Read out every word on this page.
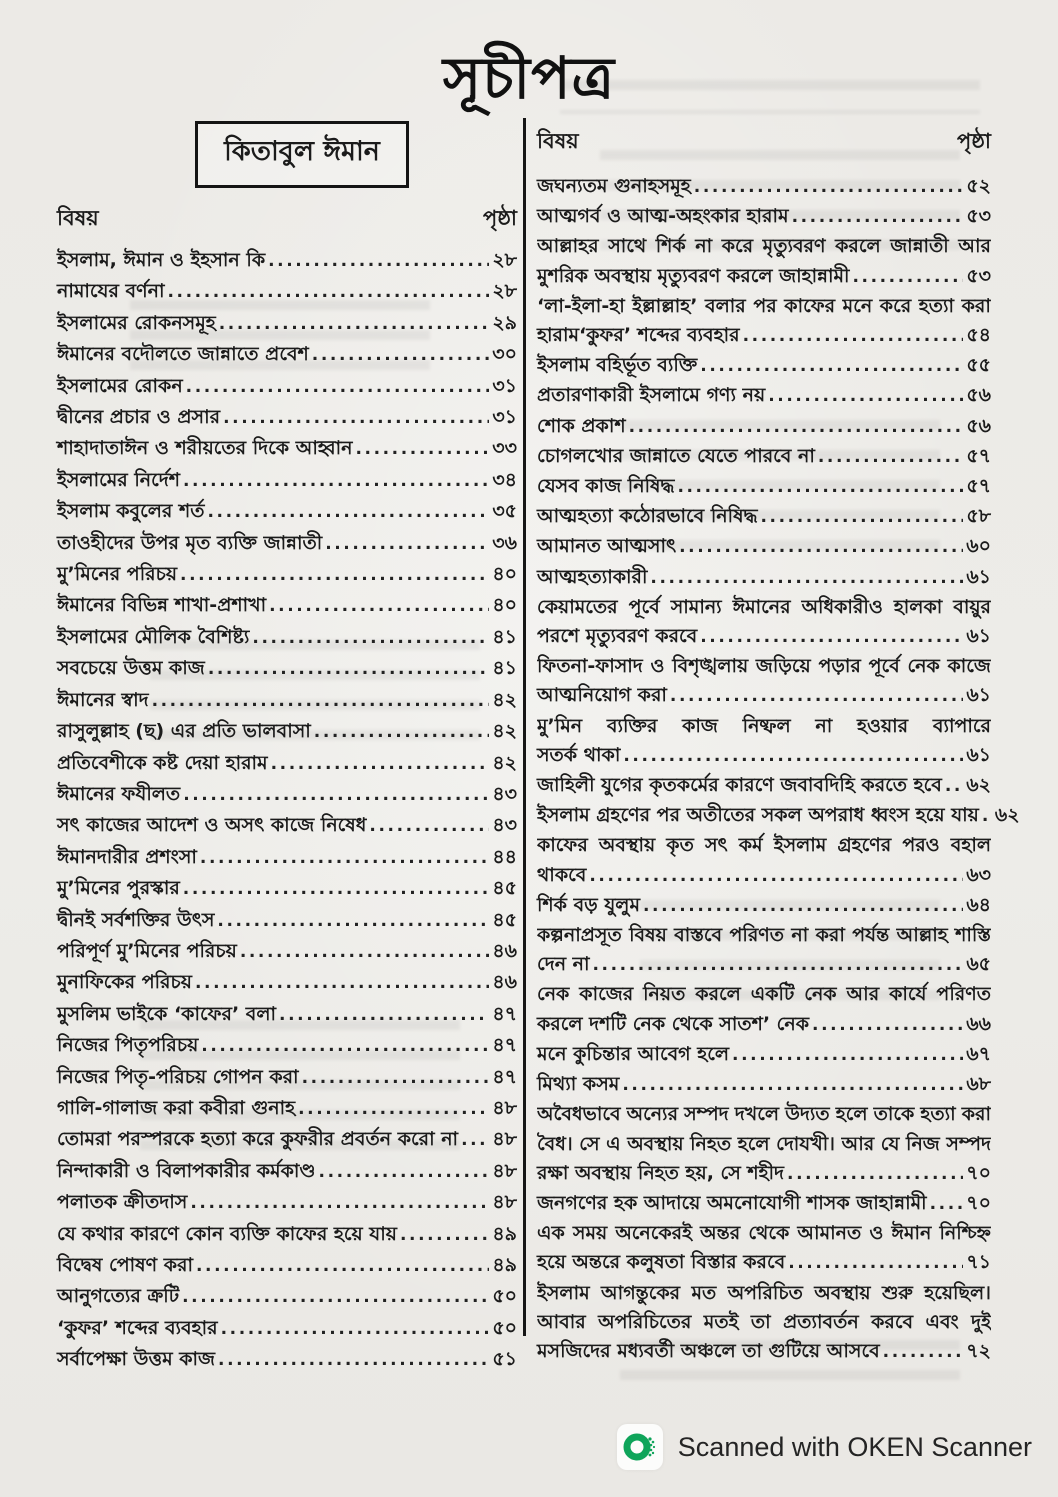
সূচীপত্র
কিতাবুল ঈমান
বিষয়	পৃষ্ঠা
ইসলাম, ঈমান ও ইহসান কি .....	২৮
নামাযের বর্ণনা .....	২৮
ইসলামের রোকনসমূহ .....	২৯
ঈমানের বদৌলতে জান্নাতে প্রবেশ .....	৩০
ইসলামের রোকন .....	৩১
দ্বীনের প্রচার ও প্রসার .....	৩১
শাহাদাতাঈন ও শরীয়তের দিকে আহ্বান .....	৩৩
ইসলামের নির্দেশ .....	৩৪
ইসলাম কবুলের শর্ত .....	৩৫
তাওহীদের উপর মৃত ব্যক্তি জান্নাতী .....	৩৬
মু’মিনের পরিচয় .....	৪০
ঈমানের বিভিন্ন শাখা-প্রশাখা .....	৪০
ইসলামের মৌলিক বৈশিষ্ট্য .....	৪১
সবচেয়ে উত্তম কাজ .....	৪১
ঈমানের স্বাদ .....	৪২
রাসুলুল্লাহ (ছ) এর প্রতি ভালবাসা .....	৪২
প্রতিবেশীকে কষ্ট দেয়া হারাম .....	৪২
ঈমানের ফযীলত .....	৪৩
সৎ কাজের আদেশ ও অসৎ কাজে নিষেধ .....	৪৩
ঈমানদারীর প্রশংসা .....	৪৪
মু’মিনের পুরস্কার .....	৪৫
দ্বীনই সর্বশক্তির উৎস .....	৪৫
পরিপূর্ণ মু’মিনের পরিচয় .....	৪৬
মুনাফিকের পরিচয় .....	৪৬
মুসলিম ভাইকে ‘কাফের’ বলা .....	৪৭
নিজের পিতৃপরিচয় .....	৪৭
নিজের পিতৃ-পরিচয় গোপন করা .....	৪৭
গালি-গালাজ করা কবীরা গুনাহ .....	৪৮
তোমরা পরস্পরকে হত্যা করে কুফরীর প্রবর্তন করো না ..... ৪৮
নিন্দাকারী ও বিলাপকারীর কর্মকাণ্ড .....	৪৮
পলাতক ক্রীতদাস .....	৪৮
যে কথার কারণে কোন ব্যক্তি কাফের হয়ে যায় .....	৪৯
বিদ্বেষ পোষণ করা .....	৪৯
আনুগত্যের ক্রটি .....	৫০
‘কুফর’ শব্দের ব্যবহার .....	৫০
সর্বাপেক্ষা উত্তম কাজ .....	৫১
বিষয়	পৃষ্ঠা
জঘন্যতম গুনাহসমূহ .....	৫২
আত্মগর্ব ও আত্ম-অহংকার হারাম .....	৫৩
আল্লাহর সাথে শির্ক না করে মৃত্যুবরণ করলে জান্নাতী আর
মুশরিক অবস্থায় মৃত্যুবরণ করলে জাহান্নামী .....	৫৩
‘লা-ইলা-হা ইল্লাল্লাহ’ বলার পর কাফের মনে করে হত্যা করা
হারাম‘কুফর’ শব্দের ব্যবহার .....	৫৪
ইসলাম বহির্ভূত ব্যক্তি .....	৫৫
প্রতারণাকারী ইসলামে গণ্য নয় .....	৫৬
শোক প্রকাশ .....	৫৬
চোগলখোর জান্নাতে যেতে পারবে না .....	৫৭
যেসব কাজ নিষিদ্ধ .....	৫৭
আত্মহত্যা কঠোরভাবে নিষিদ্ধ .....	৫৮
আমানত আত্মসাৎ .....	৬০
আত্মহত্যাকারী .....	৬১
কেয়ামতের পূর্বে সামান্য ঈমানের অধিকারীও হালকা বায়ুর
পরশে মৃত্যুবরণ করবে .....	৬১
ফিতনা-ফাসাদ ও বিশৃঙ্খলায় জড়িয়ে পড়ার পূর্বে নেক কাজে
আত্মনিয়োগ করা .....	৬১
মু’মিন ব্যক্তির কাজ নিষ্ফল না হওয়ার ব্যাপারে
সতর্ক থাকা .....	৬১
জাহিলী যুগের কৃতকর্মের কারণে জবাবদিহি করতে হবে ..... ৬২
ইসলাম গ্রহণের পর অতীতের সকল অপরাধ ধ্বংস হয়ে যায় ..... ৬২
কাফের অবস্থায় কৃত সৎ কর্ম ইসলাম গ্রহণের পরও বহাল
থাকবে .....	৬৩
শির্ক বড় যুলুম .....	৬৪
কল্পনাপ্রসূত বিষয় বাস্তবে পরিণত না করা পর্যন্ত আল্লাহ শাস্তি
দেন না .....	৬৫
নেক কাজের নিয়ত করলে একটি নেক আর কার্যে পরিণত
করলে দশটি নেক থেকে সাতশ’ নেক .....	৬৬
মনে কুচিন্তার আবেগ হলে .....	৬৭
মিথ্যা কসম .....	৬৮
অবৈধভাবে অন্যের সম্পদ দখলে উদ্যত হলে তাকে হত্যা করা
বৈধ। সে এ অবস্থায় নিহত হলে দোযখী। আর যে নিজ সম্পদ
রক্ষা অবস্থায় নিহত হয়, সে শহীদ .....	৭০
জনগণের হক আদায়ে অমনোযোগী শাসক জাহান্নামী ..... ৭০
এক সময় অনেকেরই অন্তর থেকে আমানত ও ঈমান নিশ্চিহ্ন
হয়ে অন্তরে কলুষতা বিস্তার করবে .....	৭১
ইসলাম আগন্তুকের মত অপরিচিত অবস্থায় শুরু হয়েছিল।
আবার অপরিচিতের মতই তা প্রত্যাবর্তন করবে এবং দুই
মসজিদের মধ্যবর্তী অঞ্চলে তা গুটিয়ে আসবে .....	৭২
Scanned with OKEN Scanner
